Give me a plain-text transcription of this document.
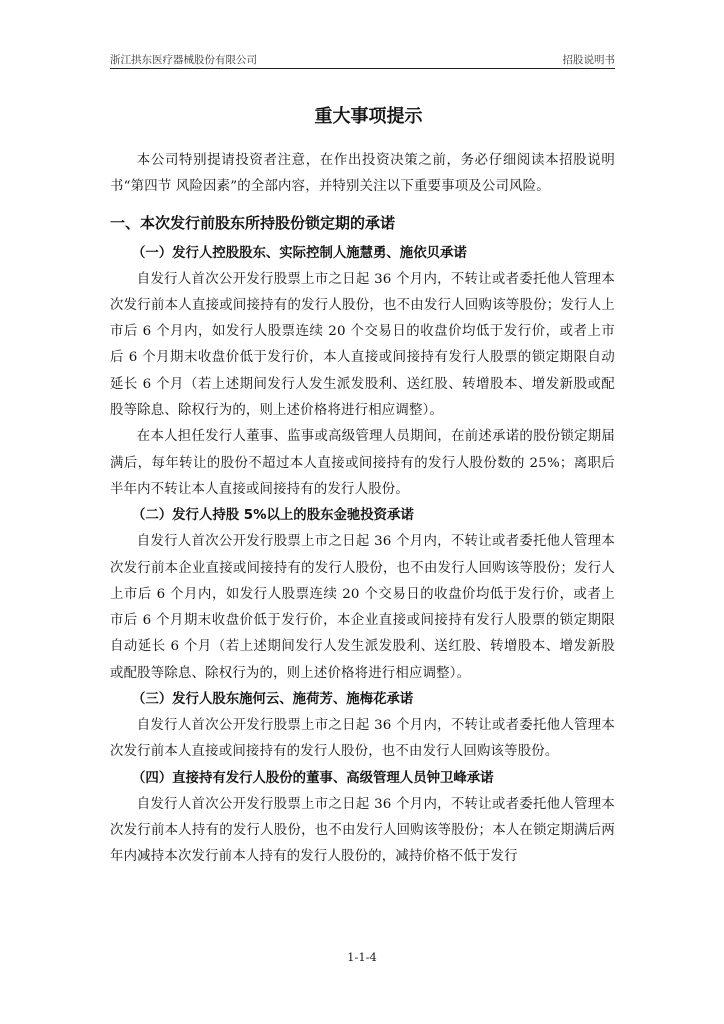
浙江拱东医疗器械股份有限公司	招股说明书
重大事项提示

本公司特别提请投资者注意，在作出投资决策之前，务必仔细阅读本招股说明书“第四节 风险因素”的全部内容，并特别关注以下重要事项及公司风险。

一、本次发行前股东所持股份锁定期的承诺
（一）发行人控股股东、实际控制人施慧勇、施依贝承诺

自发行人首次公开发行股票上市之日起 36 个月内，不转让或者委托他人管理本次发行前本人直接或间接持有的发行人股份，也不由发行人回购该等股份；发行人上市后 6 个月内，如发行人股票连续 20 个交易日的收盘价均低于发行价，或者上市后 6 个月期末收盘价低于发行价，本人直接或间接持有发行人股票的锁定期限自动延长 6 个月（若上述期间发行人发生派发股利、送红股、转增股本、增发新股或配股等除息、除权行为的，则上述价格将进行相应调整）。

在本人担任发行人董事、监事或高级管理人员期间，在前述承诺的股份锁定期届满后，每年转让的股份不超过本人直接或间接持有的发行人股份数的 25%；离职后半年内不转让本人直接或间接持有的发行人股份。

（二）发行人持股 5%以上的股东金驰投资承诺

自发行人首次公开发行股票上市之日起 36 个月内，不转让或者委托他人管理本次发行前本企业直接或间接持有的发行人股份，也不由发行人回购该等股份；发行人上市后 6 个月内，如发行人股票连续 20 个交易日的收盘价均低于发行价，或者上市后 6 个月期末收盘价低于发行价，本企业直接或间接持有发行人股票的锁定期限自动延长 6 个月（若上述期间发行人发生派发股利、送红股、转增股本、增发新股或配股等除息、除权行为的，则上述价格将进行相应调整）。

（三）发行人股东施何云、施荷芳、施梅花承诺

自发行人首次公开发行股票上市之日起 36 个月内，不转让或者委托他人管理本次发行前本人直接或间接持有的发行人股份，也不由发行人回购该等股份。

（四）直接持有发行人股份的董事、高级管理人员钟卫峰承诺

自发行人首次公开发行股票上市之日起 36 个月内，不转让或者委托他人管理本次发行前本人持有的发行人股份，也不由发行人回购该等股份；本人在锁定期满后两年内减持本次发行前本人持有的发行人股份的，减持价格不低于发行

1-1-4
